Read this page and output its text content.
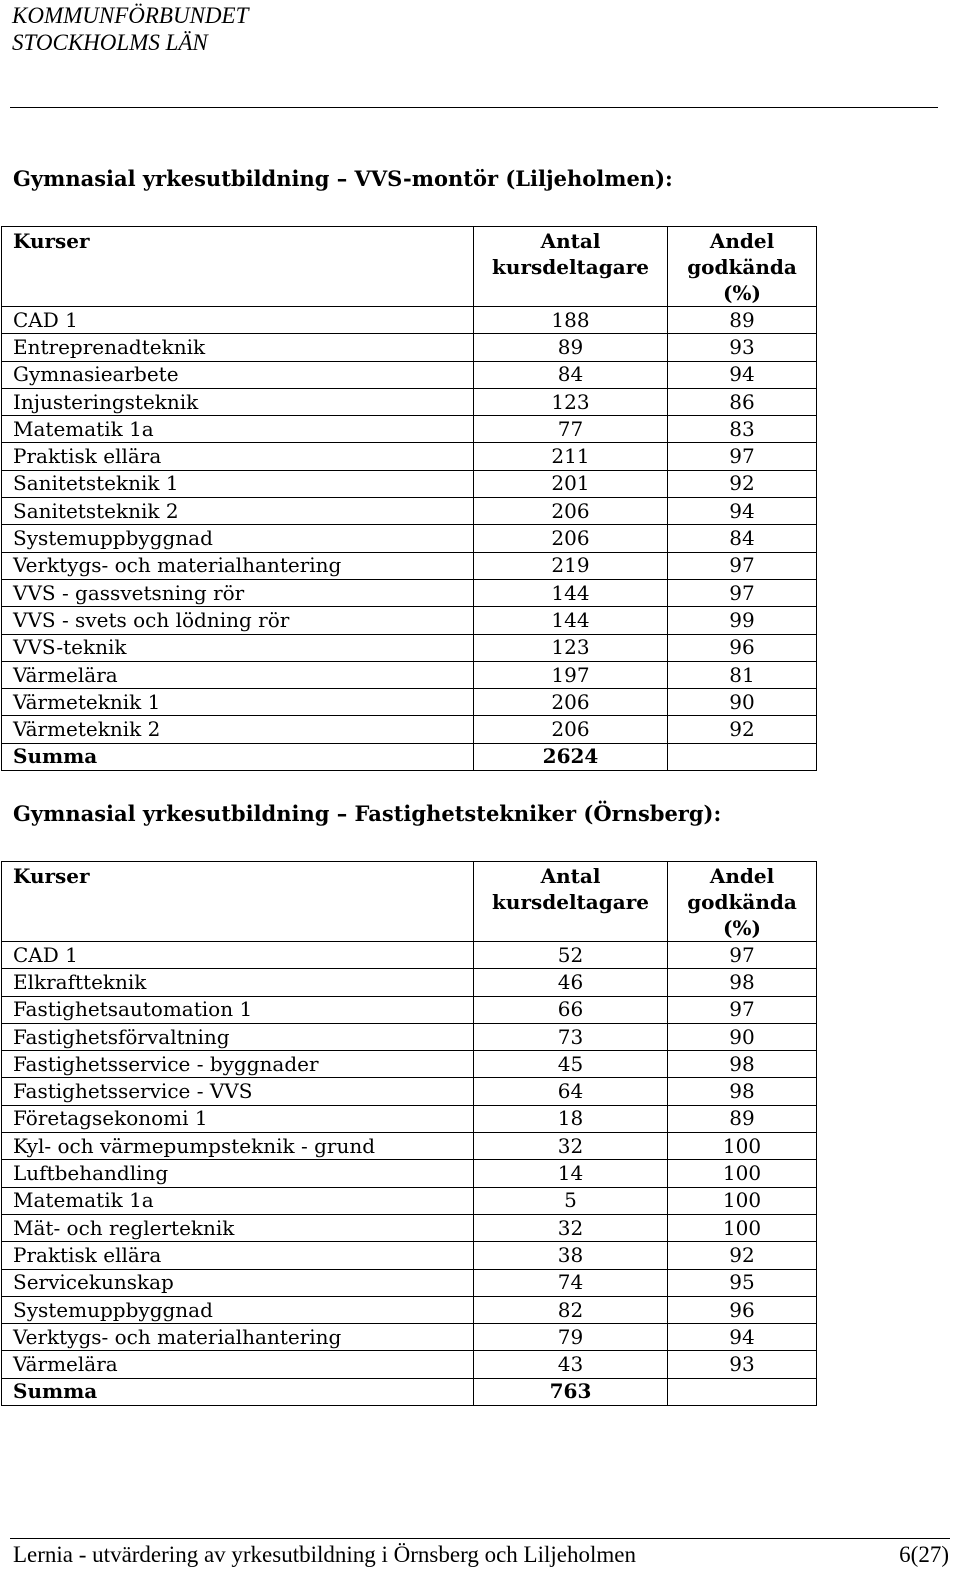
KOMMUNFÖRBUNDET
STOCKHOLMS LÄN
Gymnasial yrkesutbildning – VVS-montör (Liljeholmen):
Kurser	Antal kursdeltagare	Andel godkända (%)
CAD 1	188	89
Entreprenadteknik	89	93
Gymnasiearbete	84	94
Injusteringsteknik	123	86
Matematik 1a	77	83
Praktisk ellära	211	97
Sanitetsteknik 1	201	92
Sanitetsteknik 2	206	94
Systemuppbyggnad	206	84
Verktygs- och materialhantering	219	97
VVS - gassvetsning rör	144	97
VVS - svets och lödning rör	144	99
VVS-teknik	123	96
Värmelära	197	81
Värmeteknik 1	206	90
Värmeteknik 2	206	92
Summa	2624	
Gymnasial yrkesutbildning – Fastighetstekniker (Örnsberg):
Kurser	Antal kursdeltagare	Andel godkända (%)
CAD 1	52	97
Elkraftteknik	46	98
Fastighetsautomation 1	66	97
Fastighetsförvaltning	73	90
Fastighetsservice - byggnader	45	98
Fastighetsservice - VVS	64	98
Företagsekonomi 1	18	89
Kyl- och värmepumpsteknik - grund	32	100
Luftbehandling	14	100
Matematik 1a	5	100
Mät- och reglerteknik	32	100
Praktisk ellära	38	92
Servicekunskap	74	95
Systemuppbyggnad	82	96
Verktygs- och materialhantering	79	94
Värmelära	43	93
Summa	763	
Lernia - utvärdering av yrkesutbildning i Örnsberg och Liljeholmen	6(27)
